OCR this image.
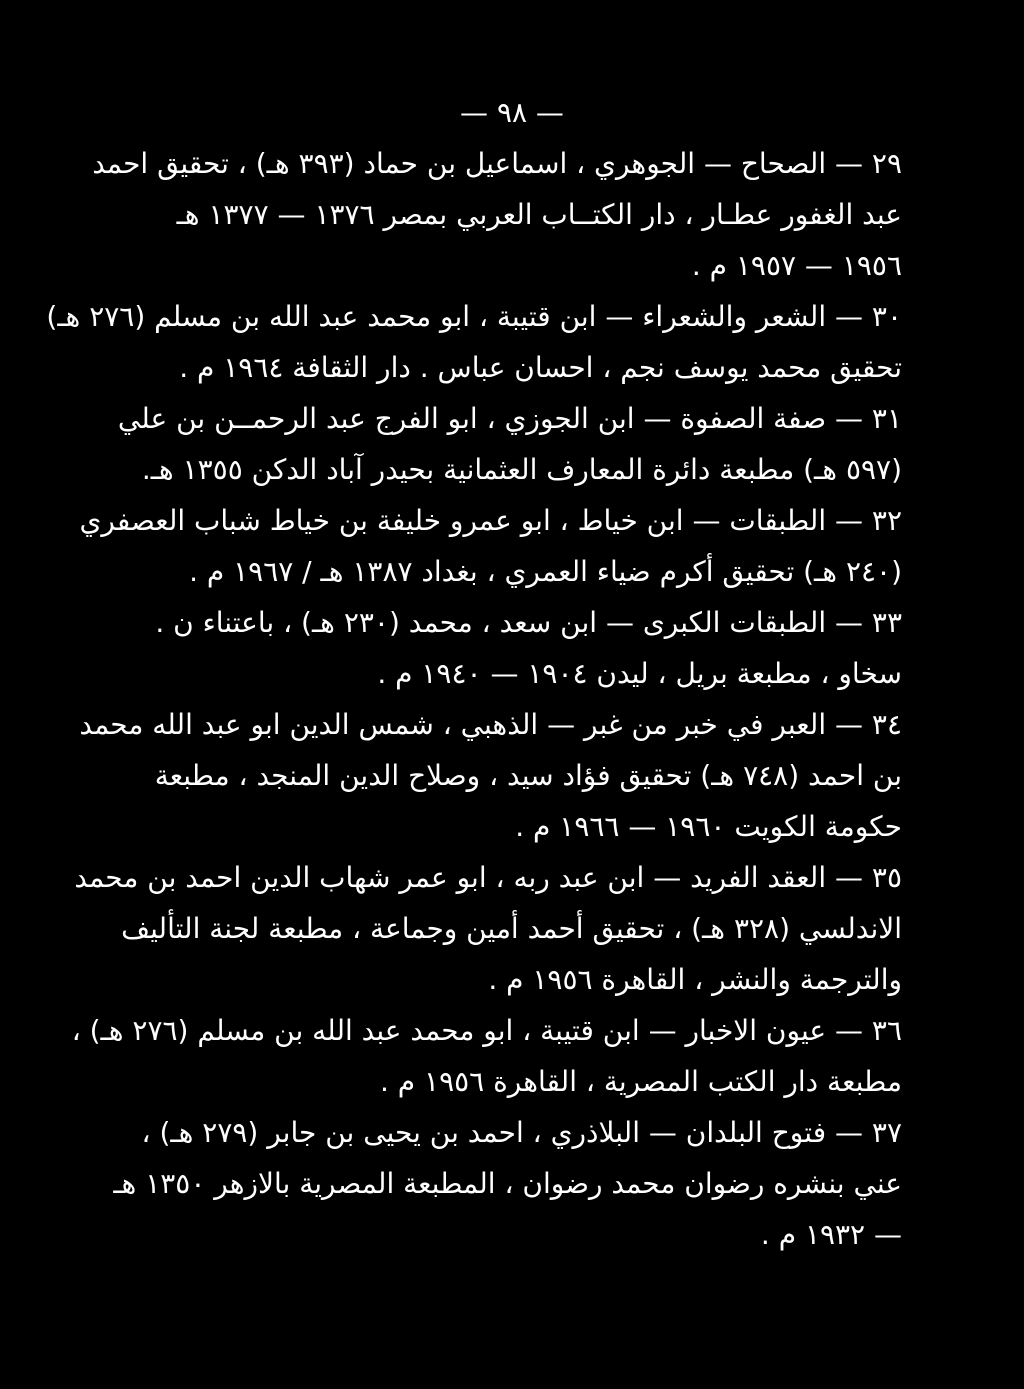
— ٩٨ —
٢٩ — الصحاح — الجوهري ، اسماعيل بن حماد (٣٩٣ هـ) ، تحقيق احمد
عبد الغفور عطـار ، دار الكتــاب العربي بمصر ١٣٧٦ — ١٣٧٧ هـ
١٩٥٦ — ١٩٥٧ م .
٣٠ — الشعر والشعراء — ابن قتيبة ، ابو محمد عبد الله بن مسلم (٢٧٦ هـ)
تحقيق محمد يوسف نجم ، احسان عباس . دار الثقافة ١٩٦٤ م .
٣١ — صفة الصفوة — ابن الجوزي ، ابو الفرج عبد الرحمــن بن علي
(٥٩٧ هـ) مطبعة دائرة المعارف العثمانية بحيدر آباد الدكن ١٣٥٥ هـ.
٣٢ — الطبقات — ابن خياط ، ابو عمرو خليفة بن خياط شباب العصفري
(٢٤٠ هـ) تحقيق أكرم ضياء العمري ، بغداد ١٣٨٧ هـ / ١٩٦٧ م .
٣٣ — الطبقات الكبرى — ابن سعد ، محمد (٢٣٠ هـ) ، باعتناء ن .
سخاو ، مطبعة بريل ، ليدن ١٩٠٤ — ١٩٤٠ م .
٣٤ — العبر في خبر من غبر — الذهبي ، شمس الدين ابو عبد الله محمد
بن احمد (٧٤٨ هـ) تحقيق فؤاد سيد ، وصلاح الدين المنجد ، مطبعة
حكومة الكويت ١٩٦٠ — ١٩٦٦ م .
٣٥ — العقد الفريد — ابن عبد ربه ، ابو عمر شهاب الدين احمد بن محمد
الاندلسي (٣٢٨ هـ) ، تحقيق أحمد أمين وجماعة ، مطبعة لجنة التأليف
والترجمة والنشر ، القاهرة ١٩٥٦ م .
٣٦ — عيون الاخبار — ابن قتيبة ، ابو محمد عبد الله بن مسلم (٢٧٦ هـ) ،
مطبعة دار الكتب المصرية ، القاهرة ١٩٥٦ م .
٣٧ — فتوح البلدان — البلاذري ، احمد بن يحيى بن جابر (٢٧٩ هـ) ،
عني بنشره رضوان محمد رضوان ، المطبعة المصرية بالازهر ١٣٥٠ هـ
— ١٩٣٢ م .
